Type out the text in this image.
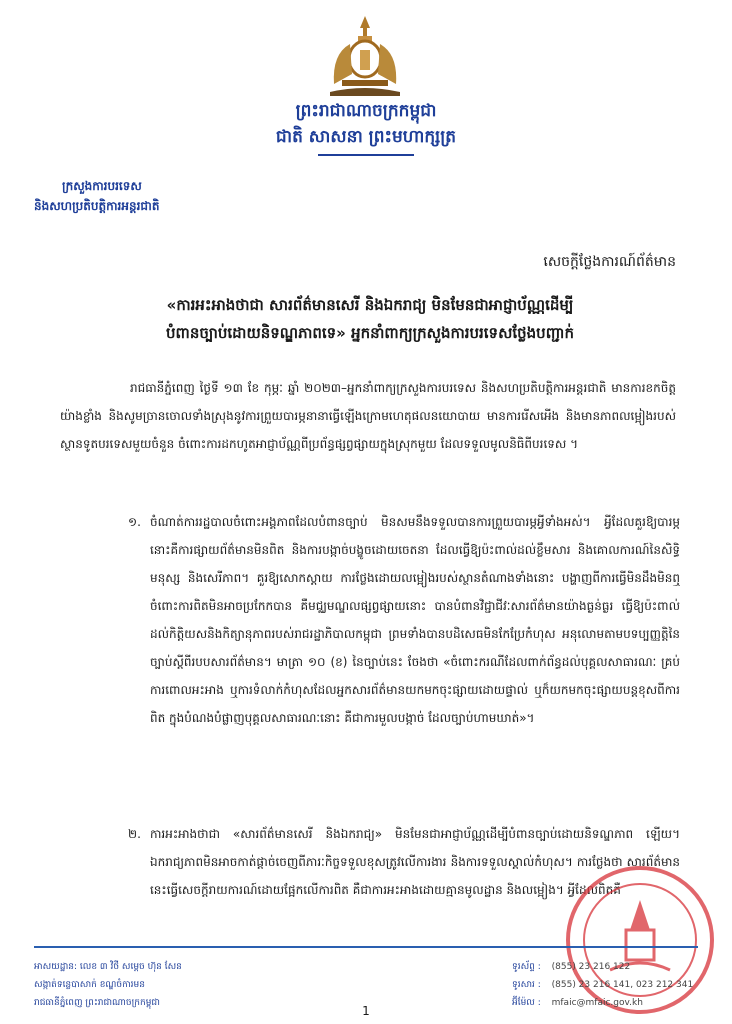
ព្រះរាជាណាចក្រកម្ពុជា
ជាតិ សាសនា ព្រះមហាក្សត្រ
ក្រសួងការបរទេស
និងសហប្រតិបត្តិការអន្តរជាតិ
សេចក្តីថ្លែងការណ៍ព័ត៌មាន
«ការអះអាងថាជា សារព័ត៌មានសេរី និងឯករាជ្យ មិនមែនជាអាជ្ញាប័ណ្ណដើម្បី
បំពានច្បាប់ដោយនិទណ្ឌភាពទេ» អ្នកនាំពាក្យក្រសួងការបរទេសថ្លែងបញ្ជាក់
រាជធានីភ្នំពេញ ថ្ងៃទី ១៣ ខែ កុម្ភៈ ឆ្នាំ ២០២៣–អ្នកនាំពាក្យក្រសួងការបរទេស និងសហប្រតិបត្តិការអន្តរជាតិ មានការខកចិត្តយ៉ាងខ្លាំង និងសូមច្រានចោលទាំងស្រុងនូវការព្រួយបារម្ភនានាធ្វើឡើងក្រោមហេតុផលនយោបាយ មានការរើសអើង និងមានភាពលម្អៀងរបស់ស្ថានទូតបរទេសមួយចំនួន ចំពោះការដកហូតអាជ្ញាប័ណ្ណពីប្រព័ន្ធផ្សព្វផ្សាយក្នុងស្រុកមួយ ដែលទទួលមូលនិធិពីបរទេស ។
១. ចំណាត់ការរដ្ឋបាលចំពោះអង្គភាពដែលបំពានច្បាប់ មិនសមនឹងទទួលបានការព្រួយបារម្ភអ្វីទាំងអស់។ អ្វីដែលគួរឱ្យបារម្ភនោះគឺការផ្សាយព័ត៌មានមិនពិត និងការបង្កាច់បង្ខូចដោយចេតនា ដែលធ្វើឱ្យប៉ះពាល់ដល់ខ្លឹមសារ និងគោលការណ៍នៃសិទ្ធិមនុស្ស និងសេរីភាព។ គួរឱ្យសោកស្តាយ ការថ្លែងដោយលម្អៀងរបស់ស្ថានតំណាងទាំងនោះ បង្ហាញពីការធ្វើមិនដឹងមិនឮ ចំពោះការពិតមិនអាចប្រកែកបាន គឺមជ្ឈមណ្ឌលផ្សព្វផ្សាយនោះ បានបំពានវិជ្ជាជីវៈសារព័ត៌មានយ៉ាងធ្ងន់ធ្ងរ ធ្វើឱ្យប៉ះពាល់ដល់កិត្តិយសនិងកិត្យានុភាពរបស់រាជរដ្ឋាភិបាលកម្ពុជា ព្រមទាំងបានបដិសេធមិនកែប្រែកំហុស អនុលោមតាមបទប្បញ្ញត្តិនៃច្បាប់ស្តីពីរបបសារព័ត៌មាន។ មាត្រា ១០ (ខ) នៃច្បាប់នេះ ចែងថា «ចំពោះករណីដែលពាក់ព័ន្ធដល់បុគ្គលសាធារណៈ គ្រប់ការពោលអះអាង ឬការទំលាក់កំហុសដែលអ្នកសារព័ត៌មានយកមកចុះផ្សាយដោយផ្ទាល់ ឬក៏យកមកចុះផ្សាយបន្តខុសពីការពិត ក្នុងបំណងបំផ្លាញបុគ្គលសាធារណៈនោះ គឺជាការមួលបង្កាច់ ដែលច្បាប់ហាមឃាត់»។
២. ការអះអាងថាជា «សារព័ត៌មានសេរី និងឯករាជ្យ» មិនមែនជាអាជ្ញាប័ណ្ណដើម្បីបំពានច្បាប់ដោយនិទណ្ឌភាព ឡើយ។ ឯករាជ្យភាពមិនអាចកាត់ផ្តាច់ចេញពីភារៈកិច្ចទទួលខុសត្រូវលើការងារ និងការទទួលស្គាល់កំហុស។ ការថ្លែងថា សារព័ត៌មាននេះធ្វើសេចក្តីរាយការណ៍ដោយផ្អែកលើការពិត គឺជាការអះអាងដោយគ្មានមូលដ្ឋាន និងលម្អៀង។ អ្វីដែលពិតគឺ
អាសយដ្ឋាន: លេខ ៣ វិថី សម្តេច ហ៊ុន សែន
សង្កាត់ទន្លេបាសាក់ ខណ្ឌចំការមន
រាជធានីភ្នំពេញ ព្រះរាជាណាចក្រកម្ពុជា
ទូរស័ព្ទ : (855) 23 216 122
ទូរសារ : (855) 23 216 141, 023 212 341
អ៊ីម៉ែល : mfaic@mfaic.gov.kh
1
